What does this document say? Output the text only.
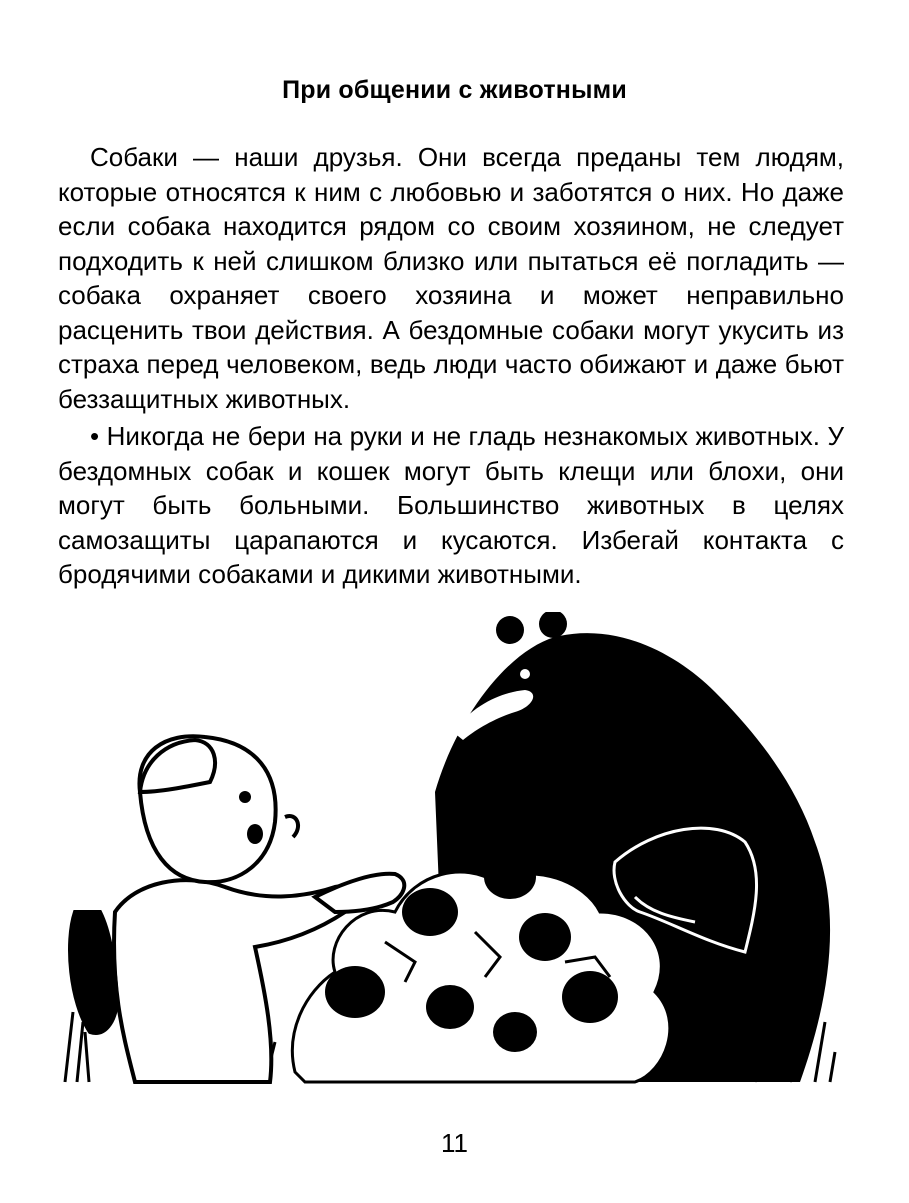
При общении с животными

Собаки — наши друзья. Они всегда преданы тем людям, которые относятся к ним с любовью и заботятся о них. Но даже если собака находится рядом со своим хозяином, не следует подходить к ней слишком близко или пытаться её погладить — собака охраняет своего хозяина и может неправильно расценить твои действия. А бездомные собаки могут укусить из страха перед человеком, ведь люди часто обижают и даже бьют беззащитных животных.

• Никогда не бери на руки и не гладь незнакомых животных. У бездомных собак и кошек могут быть клещи или блохи, они могут быть больными. Большинство животных в целях самозащиты царапаются и кусаются. Избегай контакта с бродячими собаками и дикими животными.

11
